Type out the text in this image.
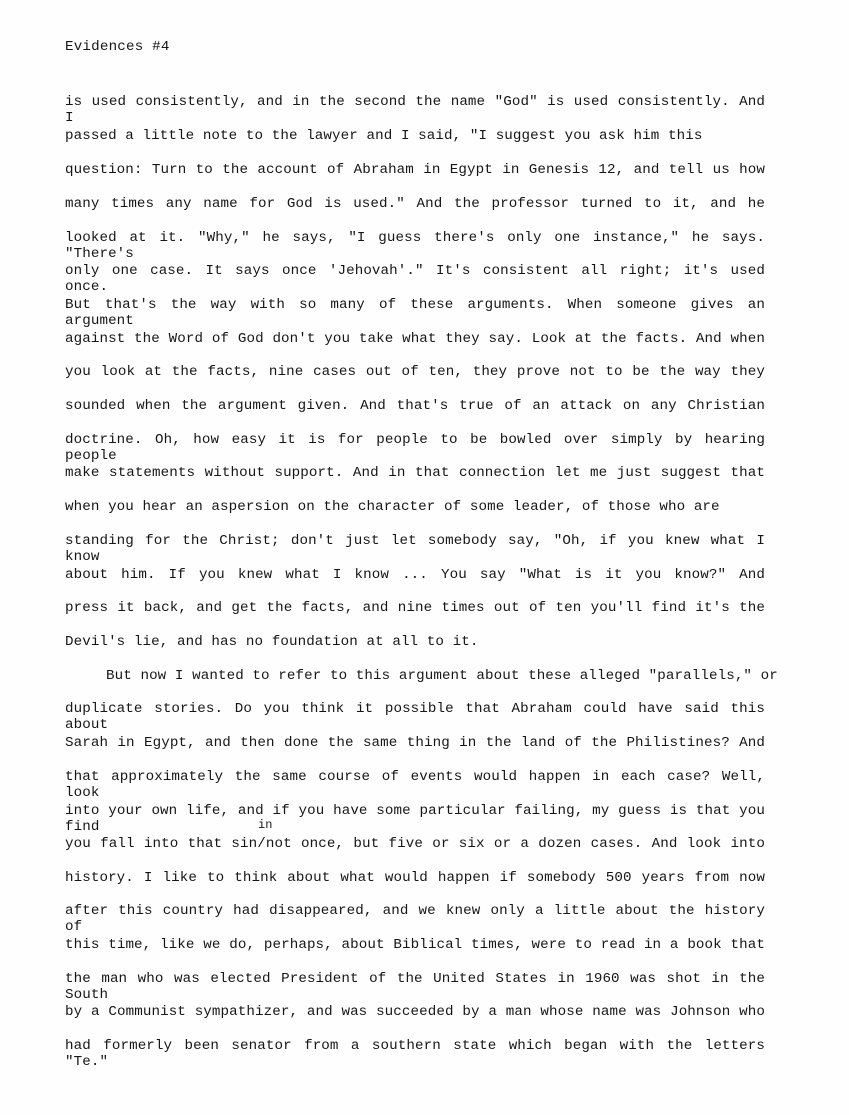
Evidences #4
is used consistently, and in the second the name "God" is used consistently. And I
passed a little note to the lawyer and I said, "I suggest you ask him this
question: Turn to the account of Abraham in Egypt in Genesis 12, and tell us how
many times any name for God is used." And the professor turned to it, and he
looked at it. "Why," he says, "I guess there's only one instance," he says. "There's
only one case. It says once 'Jehovah'." It's consistent all right; it's used once.
But that's the way with so many of these arguments. When someone gives an argument
against the Word of God don't you take what they say. Look at the facts. And when
you look at the facts, nine cases out of ten, they prove not to be the way they
sounded when the argument given. And that's true of an attack on any Christian
doctrine. Oh, how easy it is for people to be bowled over simply by hearing people
make statements without support. And in that connection let me just suggest that
when you hear an aspersion on the character of some leader, of those who are
standing for the Christ; don't just let somebody say, "Oh, if you knew what I know
about him. If you knew what I know ... You say "What is it you know?" And
press it back, and get the facts, and nine times out of ten you'll find it's the
Devil's lie, and has no foundation at all to it.
But now I wanted to refer to this argument about these alleged "parallels," or
duplicate stories. Do you think it possible that Abraham could have said this about
Sarah in Egypt, and then done the same thing in the land of the Philistines? And
that approximately the same course of events would happen in each case? Well, look
into your own life, and if you have some particular failing, my guess is that you find	in
you fall into that sin/not once, but five or six or a dozen cases. And look into
history. I like to think about what would happen if somebody 500 years from now
after this country had disappeared, and we knew only a little about the history of
this time, like we do, perhaps, about Biblical times, were to read in a book that
the man who was elected President of the United States in 1960 was shot in the South
by a Communist sympathizer, and was succeeded by a man whose name was Johnson who
had formerly been senator from a southern state which began with the letters "Te."
